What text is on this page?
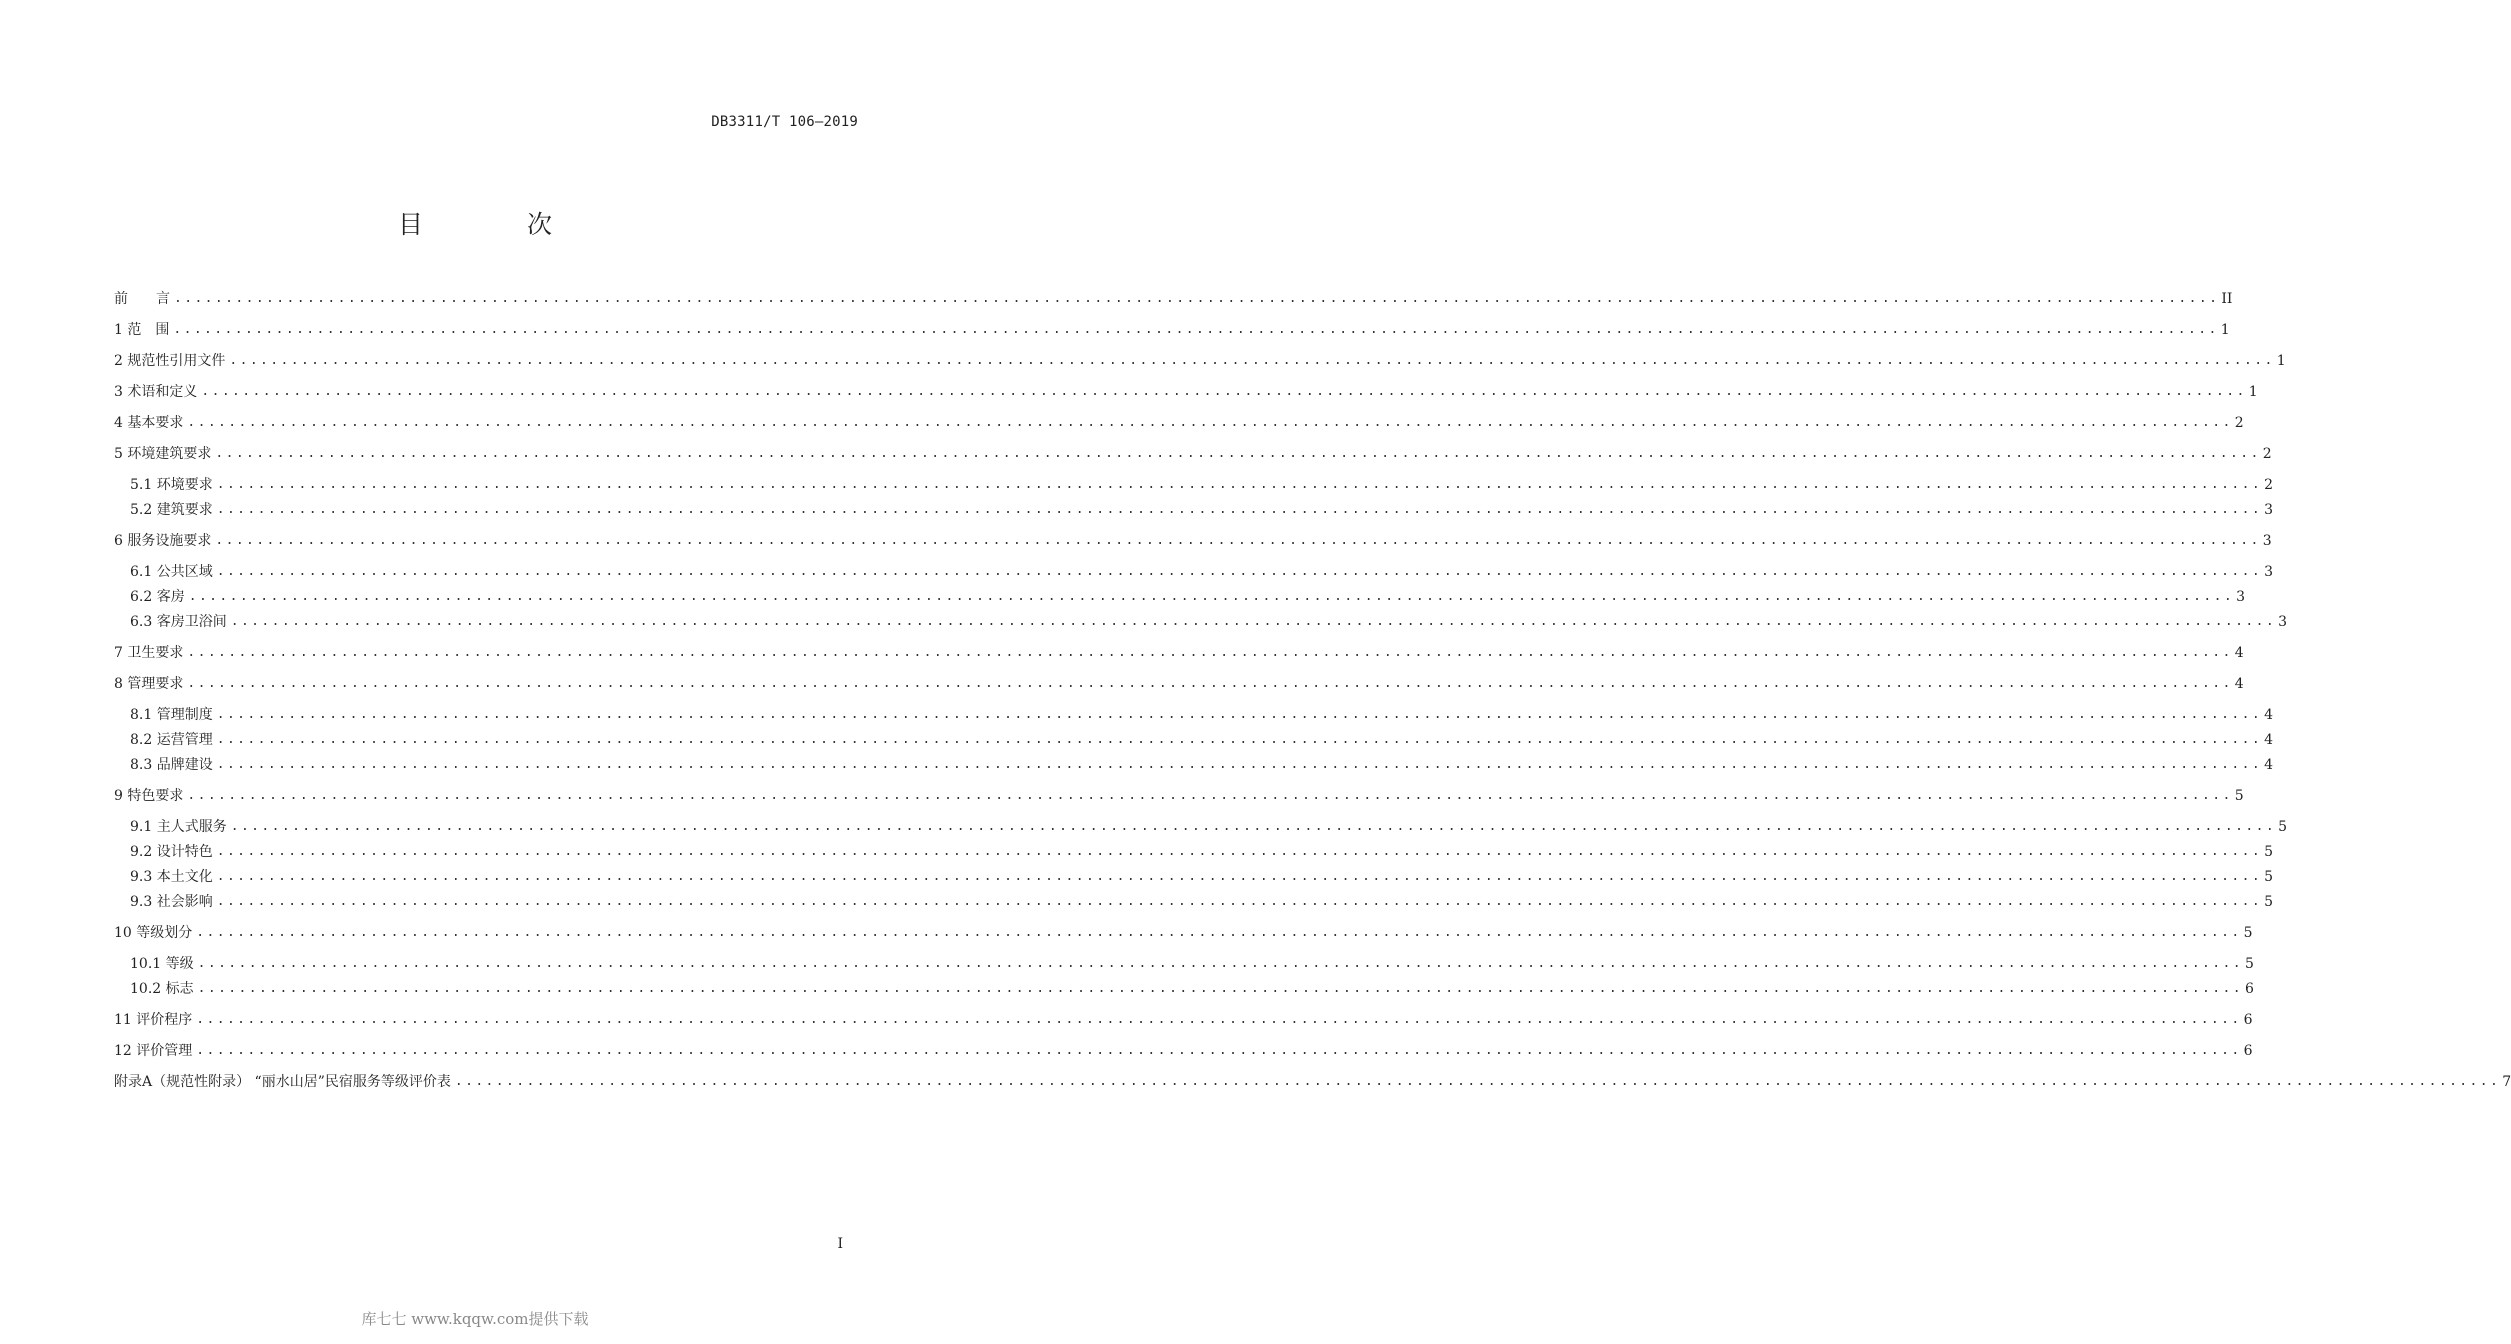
DB3311/T 106—2019
目 次
前　　言 ........................................................................................................................................................................................................ II
1 范　围 ........................................................................................................................................................................................................ 1
2 规范性引用文件 ........................................................................................................................................................................................................ 1
3 术语和定义 ........................................................................................................................................................................................................ 1
4 基本要求 ........................................................................................................................................................................................................ 2
5 环境建筑要求 ........................................................................................................................................................................................................ 2
5.1 环境要求 ........................................................................................................................................................................................................ 2
5.2 建筑要求 ........................................................................................................................................................................................................ 3
6 服务设施要求 ........................................................................................................................................................................................................ 3
6.1 公共区域 ........................................................................................................................................................................................................ 3
6.2 客房 ........................................................................................................................................................................................................ 3
6.3 客房卫浴间 ........................................................................................................................................................................................................ 3
7 卫生要求 ........................................................................................................................................................................................................ 4
8 管理要求 ........................................................................................................................................................................................................ 4
8.1 管理制度 ........................................................................................................................................................................................................ 4
8.2 运营管理 ........................................................................................................................................................................................................ 4
8.3 品牌建设 ........................................................................................................................................................................................................ 4
9 特色要求 ........................................................................................................................................................................................................ 5
9.1 主人式服务 ........................................................................................................................................................................................................ 5
9.2 设计特色 ........................................................................................................................................................................................................ 5
9.3 本土文化 ........................................................................................................................................................................................................ 5
9.3 社会影响 ........................................................................................................................................................................................................ 5
10 等级划分 ........................................................................................................................................................................................................ 5
10.1 等级 ........................................................................................................................................................................................................ 5
10.2 标志 ........................................................................................................................................................................................................ 6
11 评价程序 ........................................................................................................................................................................................................ 6
12 评价管理 ........................................................................................................................................................................................................ 6
附录A（规范性附录） “丽水山居”民宿服务等级评价表 ........................................................................................................................................................................................................ 7
I
库七七 www.kqqw.com提供下载
